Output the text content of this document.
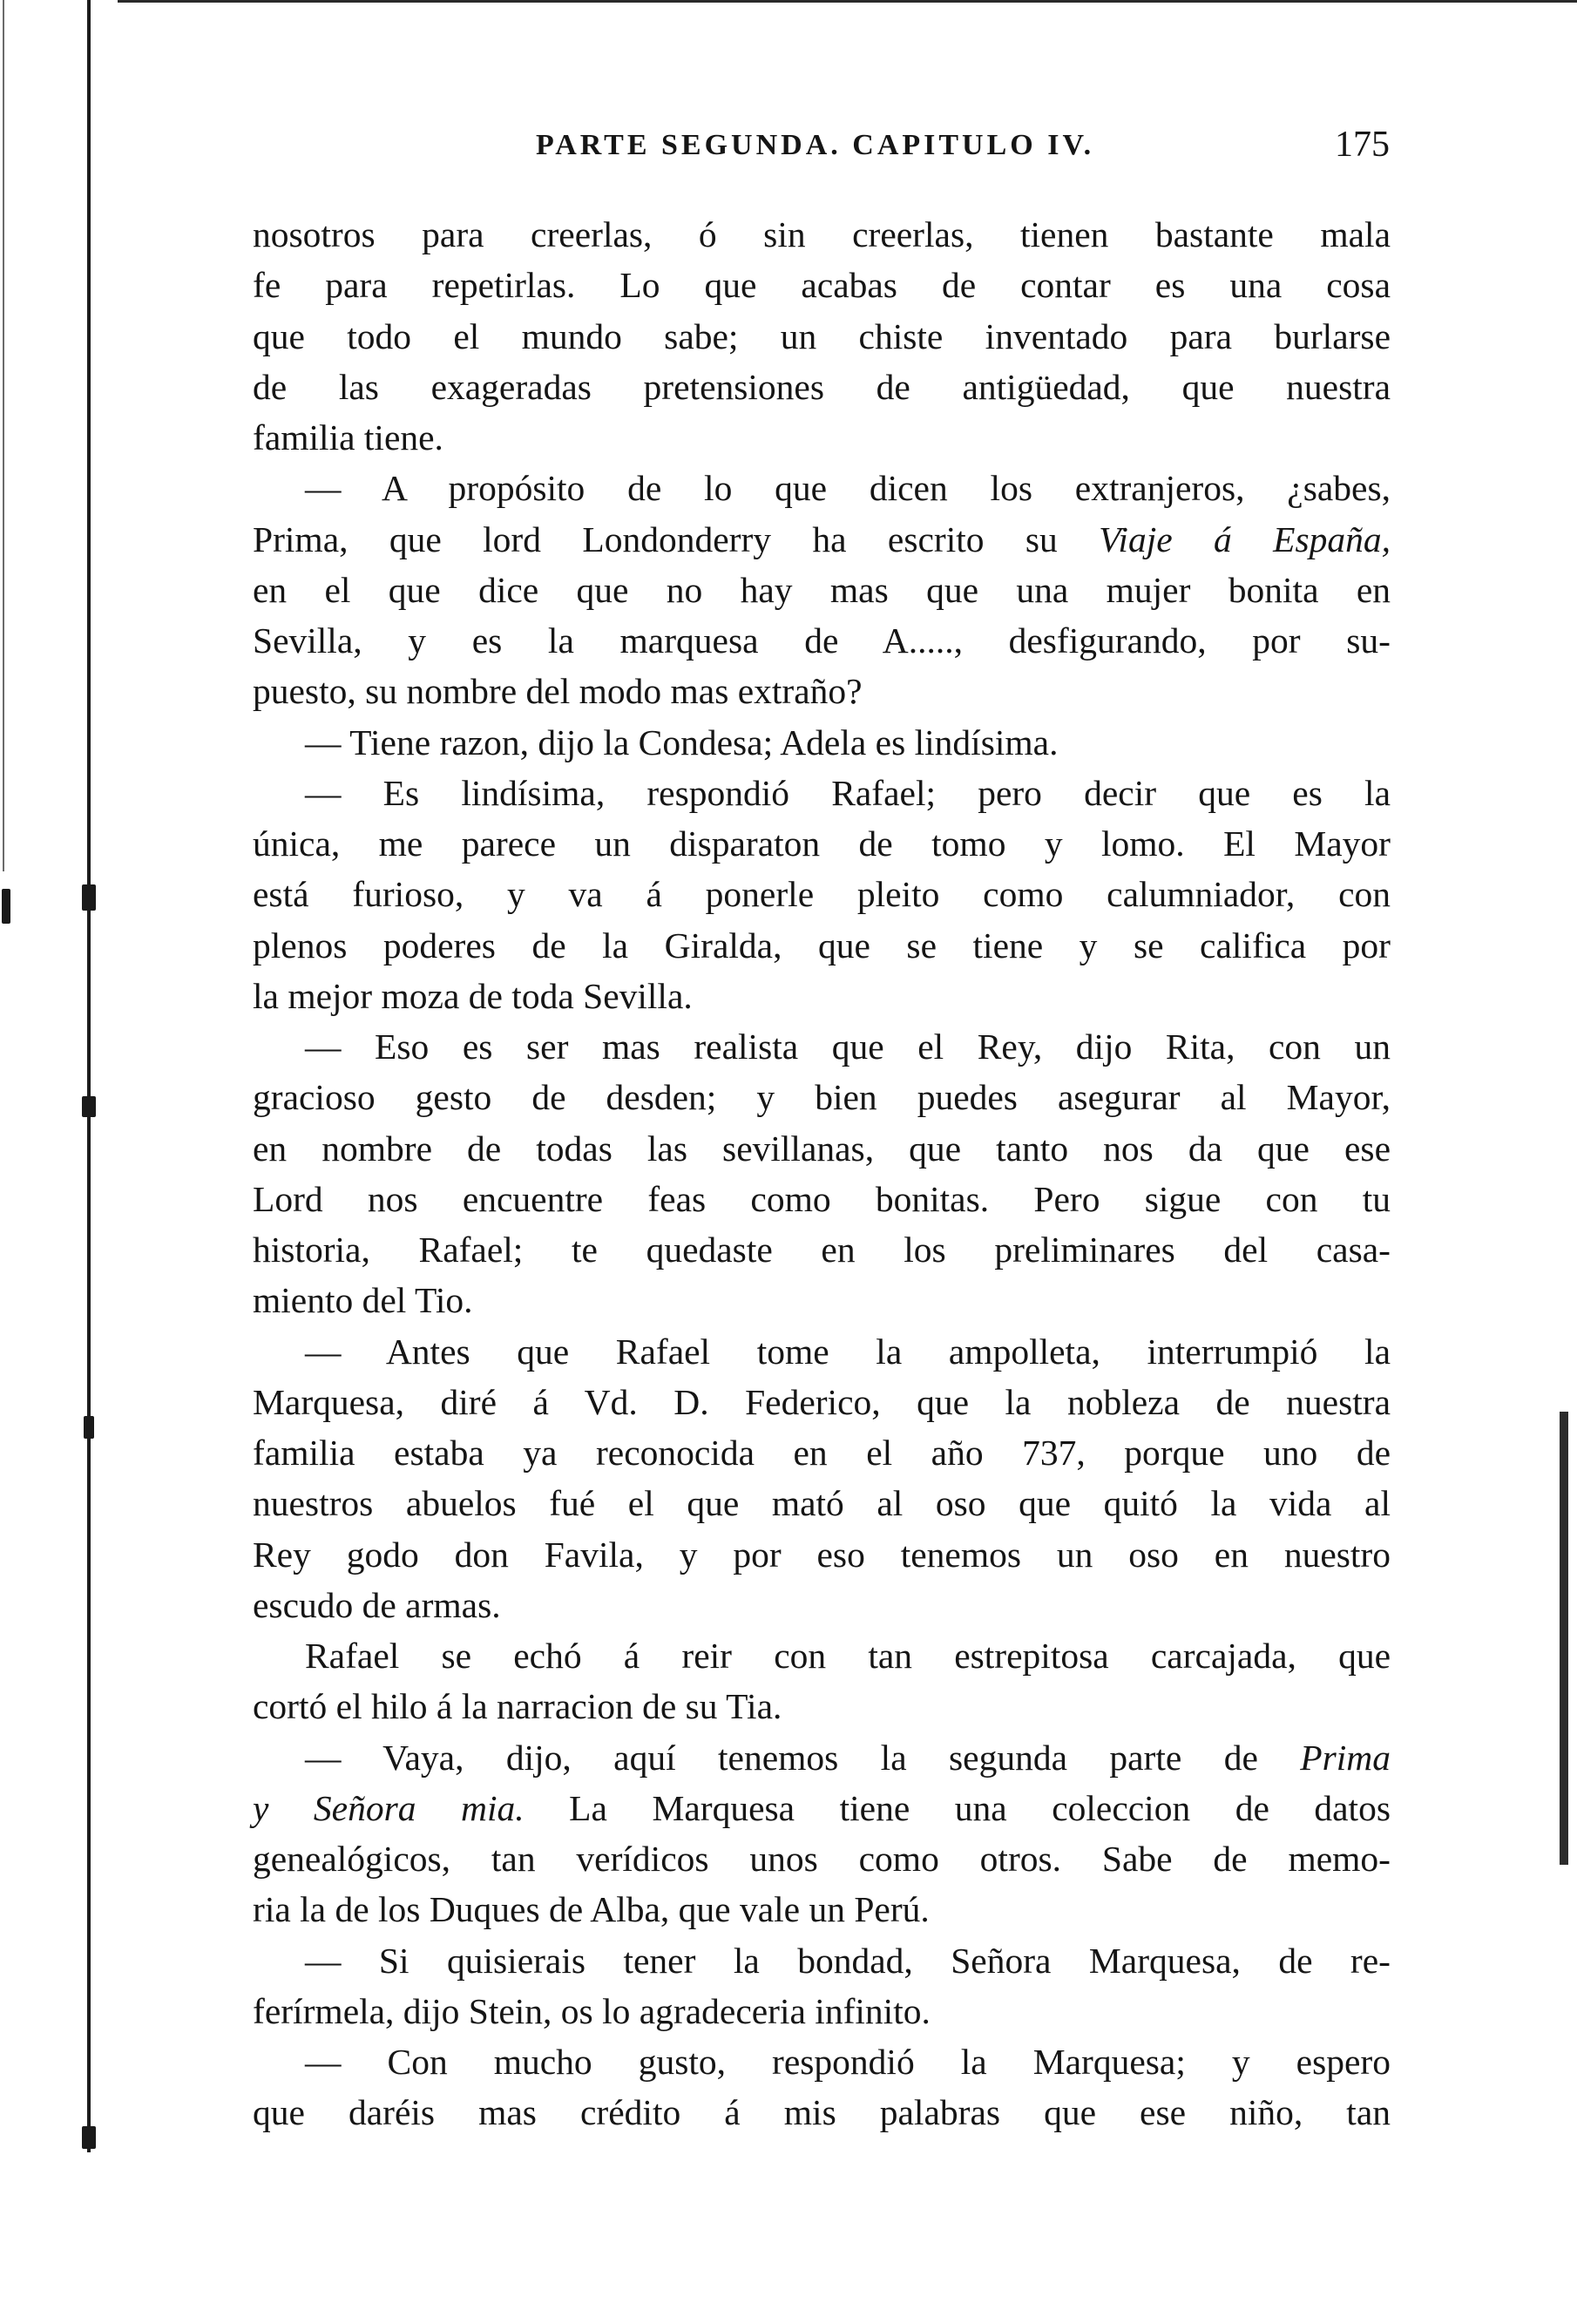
PARTE SEGUNDA. CAPITULO IV.	175
nosotros para creerlas, ó sin creerlas, tienen bastante mala
fe para repetirlas. Lo que acabas de contar es una cosa
que todo el mundo sabe; un chiste inventado para burlarse
de las exageradas pretensiones de antigüedad, que nuestra
familia tiene.
— A propósito de lo que dicen los extranjeros, ¿sabes,
Prima, que lord Londonderry ha escrito su Viaje á España,
en el que dice que no hay mas que una mujer bonita en
Sevilla, y es la marquesa de A....., desfigurando, por su-
puesto, su nombre del modo mas extraño?
— Tiene razon, dijo la Condesa; Adela es lindísima.
— Es lindísima, respondió Rafael; pero decir que es la
única, me parece un disparaton de tomo y lomo. El Mayor
está furioso, y va á ponerle pleito como calumniador, con
plenos poderes de la Giralda, que se tiene y se califica por
la mejor moza de toda Sevilla.
— Eso es ser mas realista que el Rey, dijo Rita, con un
gracioso gesto de desden; y bien puedes asegurar al Mayor,
en nombre de todas las sevillanas, que tanto nos da que ese
Lord nos encuentre feas como bonitas. Pero sigue con tu
historia, Rafael; te quedaste en los preliminares del casa-
miento del Tio.
— Antes que Rafael tome la ampolleta, interrumpió la
Marquesa, diré á Vd. D. Federico, que la nobleza de nuestra
familia estaba ya reconocida en el año 737, porque uno de
nuestros abuelos fué el que mató al oso que quitó la vida al
Rey godo don Favila, y por eso tenemos un oso en nuestro
escudo de armas.
Rafael se echó á reir con tan estrepitosa carcajada, que
cortó el hilo á la narracion de su Tia.
— Vaya, dijo, aquí tenemos la segunda parte de Prima
y Señora mia. La Marquesa tiene una coleccion de datos
genealógicos, tan verídicos unos como otros. Sabe de memo-
ria la de los Duques de Alba, que vale un Perú.
— Si quisierais tener la bondad, Señora Marquesa, de re-
ferírmela, dijo Stein, os lo agradeceria infinito.
— Con mucho gusto, respondió la Marquesa; y espero
que daréis mas crédito á mis palabras que ese niño, tan
